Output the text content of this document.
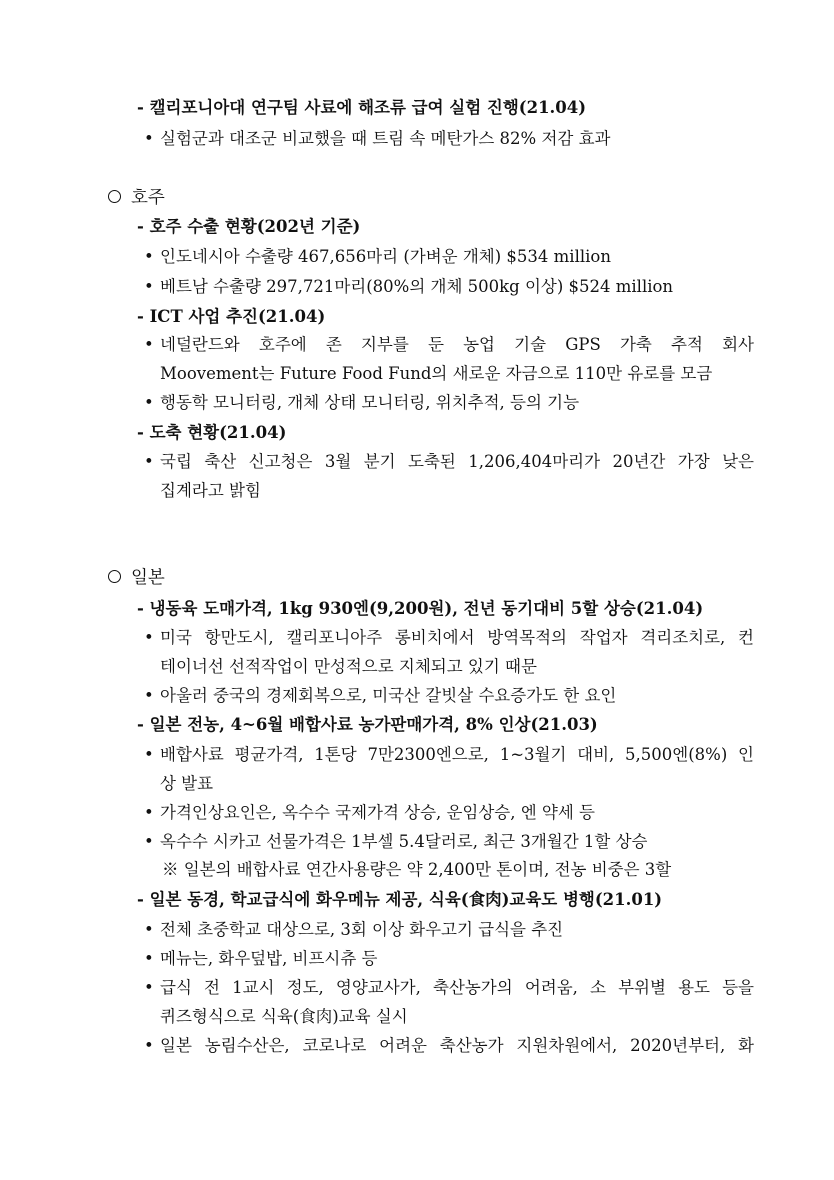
- 캘리포니아대 연구팀 사료에 해조류 급여 실험 진행(21.04)
• 실험군과 대조군 비교했을 때 트림 속 메탄가스 82% 저감 효과
호주
- 호주 수출 현황(202년 기준)
• 인도네시아 수출량 467,656마리 (가벼운 개체) $534 million
• 베트남 수출량 297,721마리(80%의 개체 500kg 이상) $524 million
- ICT 사업 추진(21.04)
• 네덜란드와 호주에 존 지부를 둔 농업 기술 GPS 가축 추적 회사
Moovement는 Future Food Fund의 새로운 자금으로 110만 유로를 모금
• 행동학 모니터링, 개체 상태 모니터링, 위치추적, 등의 기능
- 도축 현황(21.04)
• 국립 축산 신고청은 3월 분기 도축된 1,206,404마리가 20년간 가장 낮은
집계라고 밝힘
일본
- 냉동육 도매가격, 1kg 930엔(9,200원), 전년 동기대비 5할 상승(21.04)
• 미국 항만도시, 캘리포니아주 롱비치에서 방역목적의 작업자 격리조치로, 컨
테이너선 선적작업이 만성적으로 지체되고 있기 때문
• 아울러 중국의 경제회복으로, 미국산 갈빗살 수요증가도 한 요인
- 일본 전농, 4~6월 배합사료 농가판매가격, 8% 인상(21.03)
• 배합사료 평균가격, 1톤당 7만2300엔으로, 1~3월기 대비, 5,500엔(8%) 인
상 발표
• 가격인상요인은, 옥수수 국제가격 상승, 운임상승, 엔 약세 등
• 옥수수 시카고 선물가격은 1부셀 5.4달러로, 최근 3개월간 1할 상승
※ 일본의 배합사료 연간사용량은 약 2,400만 톤이며, 전농 비중은 3할
- 일본 동경, 학교급식에 화우메뉴 제공, 식육(食肉)교육도 병행(21.01)
• 전체 초중학교 대상으로, 3회 이상 화우고기 급식을 추진
• 메뉴는, 화우덮밥, 비프시츄 등
• 급식 전 1교시 정도, 영양교사가, 축산농가의 어려움, 소 부위별 용도 등을
퀴즈형식으로 식육(食肉)교육 실시
• 일본 농림수산은, 코로나로 어려운 축산농가 지원차원에서, 2020년부터, 화
